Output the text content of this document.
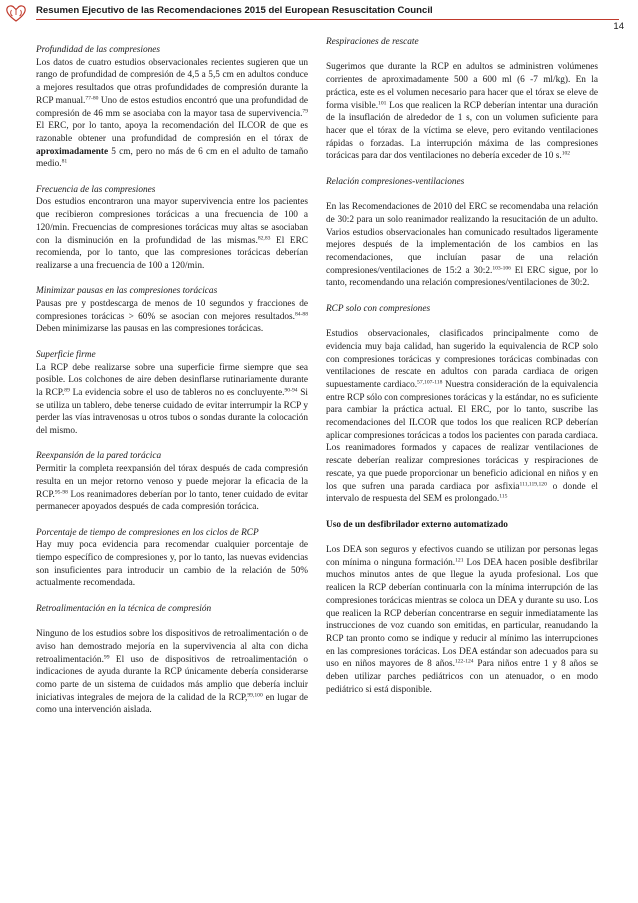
Resumen Ejecutivo de las Recomendaciones 2015 del European Resuscitation Council
14

Profundidad de las compresiones

Los datos de cuatro estudios observacionales recientes sugieren que un rango de profundidad de compresión de 4,5 a 5,5 cm en adultos conduce a mejores resultados que otras profundidades de compresión durante la RCP manual.$^{77-80}$ Uno de estos estudios encontró que una profundidad de compresión de 46 mm se asociaba con la mayor tasa de supervivencia.$^{79}$ El ERC, por lo tanto, apoya la recomendación del ILCOR de que es razonable obtener una profundidad de compresión en el tórax de aproximadamente 5 cm, pero no más de 6 cm en el adulto de tamaño medio.$^{81}$

Frecuencia de las compresiones

Dos estudios encontraron una mayor supervivencia entre los pacientes que recibieron compresiones torácicas a una frecuencia de 100 a 120/min. Frecuencias de compresiones torácicas muy altas se asociaban con la disminución en la profundidad de las mismas.$^{82,83}$ El ERC recomienda, por lo tanto, que las compresiones torácicas deberían realizarse a una frecuencia de 100 a 120/min.

Minimizar pausas en las compresiones torácicas

Pausas pre y postdescarga de menos de 10 segundos y fracciones de compresiones torácicas > 60% se asocian con mejores resultados.$^{84-88}$ Deben minimizarse las pausas en las compresiones torácicas.

Superficie firme

La RCP debe realizarse sobre una superficie firme siempre que sea posible. Los colchones de aire deben desinflarse rutinariamente durante la RCP.$^{89}$ La evidencia sobre el uso de tableros no es concluyente.$^{90-94}$ Si se utiliza un tablero, debe tenerse cuidado de evitar interrumpir la RCP y perder las vías intravenosas u otros tubos o sondas durante la colocación del mismo.

Reexpansión de la pared torácica

Permitir la completa reexpansión del tórax después de cada compresión resulta en un mejor retorno venoso y puede mejorar la eficacia de la RCP.$^{95-98}$ Los reanimadores deberían por lo tanto, tener cuidado de evitar permanecer apoyados después de cada compresión torácica.

Porcentaje de tiempo de compresiones en los ciclos de RCP

Hay muy poca evidencia para recomendar cualquier porcentaje de tiempo específico de compresiones y, por lo tanto, las nuevas evidencias son insuficientes para introducir un cambio de la relación de 50% actualmente recomendada.

Retroalimentación en la técnica de compresión

Ninguno de los estudios sobre los dispositivos de retroalimentación o de aviso han demostrado mejoría en la supervivencia al alta con dicha retroalimentación.$^{99}$ El uso de dispositivos de retroalimentación o indicaciones de ayuda durante la RCP únicamente debería considerarse como parte de un sistema de cuidados más amplio que debería incluir iniciativas integrales de mejora de la calidad de la RCP,$^{99,100}$ en lugar de como una intervención aislada.

Respiraciones de rescate

Sugerimos que durante la RCP en adultos se administren volúmenes corrientes de aproximadamente 500 a 600 ml (6 -7 ml/kg). En la práctica, este es el volumen necesario para hacer que el tórax se eleve de forma visible.$^{101}$ Los que realicen la RCP deberían intentar una duración de la insuflación de alrededor de 1 s, con un volumen suficiente para hacer que el tórax de la víctima se eleve, pero evitando ventilaciones rápidas o forzadas. La interrupción máxima de las compresiones torácicas para dar dos ventilaciones no debería exceder de 10 s.$^{102}$

Relación compresiones-ventilaciones

En las Recomendaciones de 2010 del ERC se recomendaba una relación de 30:2 para un solo reanimador realizando la resucitación de un adulto. Varios estudios observacionales han comunicado resultados ligeramente mejores después de la implementación de los cambios en las recomendaciones, que incluían pasar de una relación compresiones/ventilaciones de 15:2 a 30:2.$^{103-106}$ El ERC sigue, por lo tanto, recomendando una relación compresiones/ventilaciones de 30:2.

RCP solo con compresiones

Estudios observacionales, clasificados principalmente como de evidencia muy baja calidad, han sugerido la equivalencia de RCP solo con compresiones torácicas y compresiones torácicas combinadas con ventilaciones de rescate en adultos con parada cardiaca de origen supuestamente cardiaco.$^{57,107-118}$ Nuestra consideración de la equivalencia entre RCP sólo con compresiones torácicas y la estándar, no es suficiente para cambiar la práctica actual. El ERC, por lo tanto, suscribe las recomendaciones del ILCOR que todos los que realicen RCP deberían aplicar compresiones torácicas a todos los pacientes con parada cardiaca. Los reanimadores formados y capaces de realizar ventilaciones de rescate deberían realizar compresiones torácicas y respiraciones de rescate, ya que puede proporcionar un beneficio adicional en niños y en los que sufren una parada cardiaca por asfixia$^{111,119,120}$ o donde el intervalo de respuesta del SEM es prolongado.$^{115}$

Uso de un desfibrilador externo automatizado

Los DEA son seguros y efectivos cuando se utilizan por personas legas con mínima o ninguna formación.$^{121}$ Los DEA hacen posible desfibrilar muchos minutos antes de que llegue la ayuda profesional. Los que realicen la RCP deberían continuarla con la mínima interrupción de las compresiones torácicas mientras se coloca un DEA y durante su uso. Los que realicen la RCP deberían concentrarse en seguir inmediatamente las instrucciones de voz cuando son emitidas, en particular, reanudando la RCP tan pronto como se indique y reducir al mínimo las interrupciones en las compresiones torácicas. Los DEA estándar son adecuados para su uso en niños mayores de 8 años.$^{122-124}$ Para niños entre 1 y 8 años se deben utilizar parches pediátricos con un atenuador, o en modo pediátrico si está disponible.
